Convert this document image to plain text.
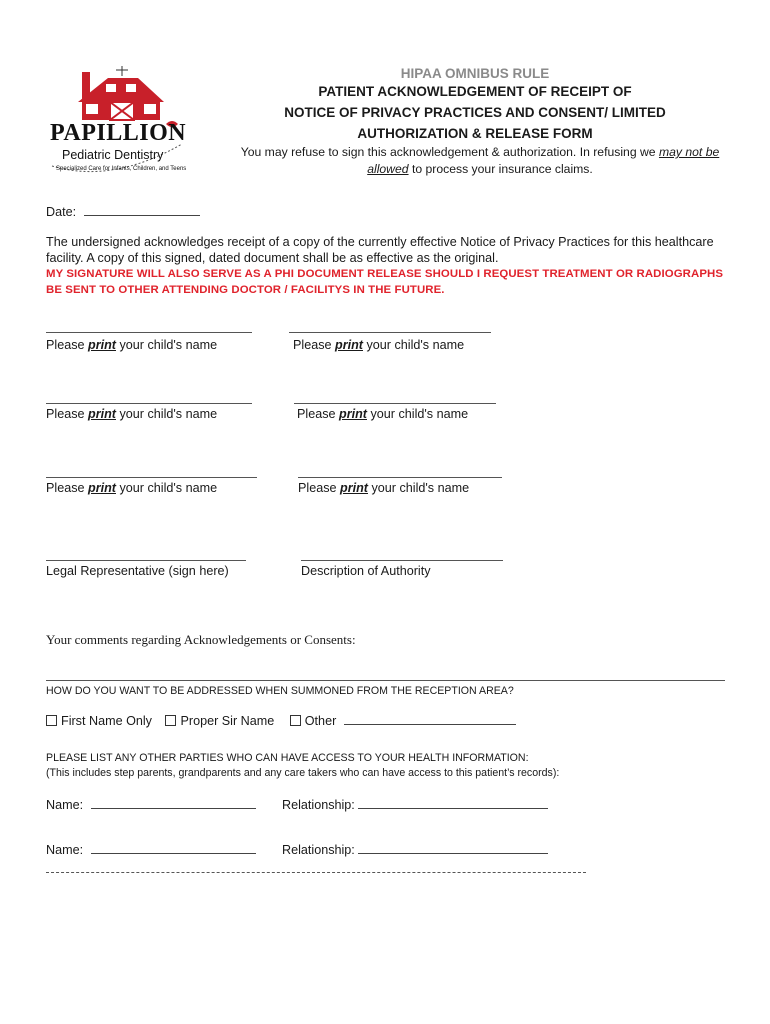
PAPILLION
Pediatric Dentistry
Specialized Care for Infants, Children, and Teens
HIPAA OMNIBUS RULE
PATIENT ACKNOWLEDGEMENT OF RECEIPT OF
NOTICE OF PRIVACY PRACTICES AND CONSENT/ LIMITED
AUTHORIZATION & RELEASE FORM
You may refuse to sign this acknowledgement & authorization. In refusing we may not be allowed to process your insurance claims.
Date:
The undersigned acknowledges receipt of a copy of the currently effective Notice of Privacy Practices for this healthcare facility. A copy of this signed, dated document shall be as effective as the original.
MY SIGNATURE WILL ALSO SERVE AS A PHI DOCUMENT RELEASE SHOULD I REQUEST TREATMENT OR RADIOGRAPHS BE SENT TO OTHER ATTENDING DOCTOR / FACILITYS IN THE FUTURE.
Please print your child's name	Please print your child's name
Please print your child's name	Please print your child's name
Please print your child's name	Please print your child's name
Legal Representative (sign here)	Description of Authority
Your comments regarding Acknowledgements or Consents:
HOW DO YOU WANT TO BE ADDRESSED WHEN SUMMONED FROM THE RECEPTION AREA?
First Name Only Proper Sir Name Other
PLEASE LIST ANY OTHER PARTIES WHO CAN HAVE ACCESS TO YOUR HEALTH INFORMATION:
(This includes step parents, grandparents and any care takers who can have access to this patient’s records):
Name:	Relationship:
Name:	Relationship:
